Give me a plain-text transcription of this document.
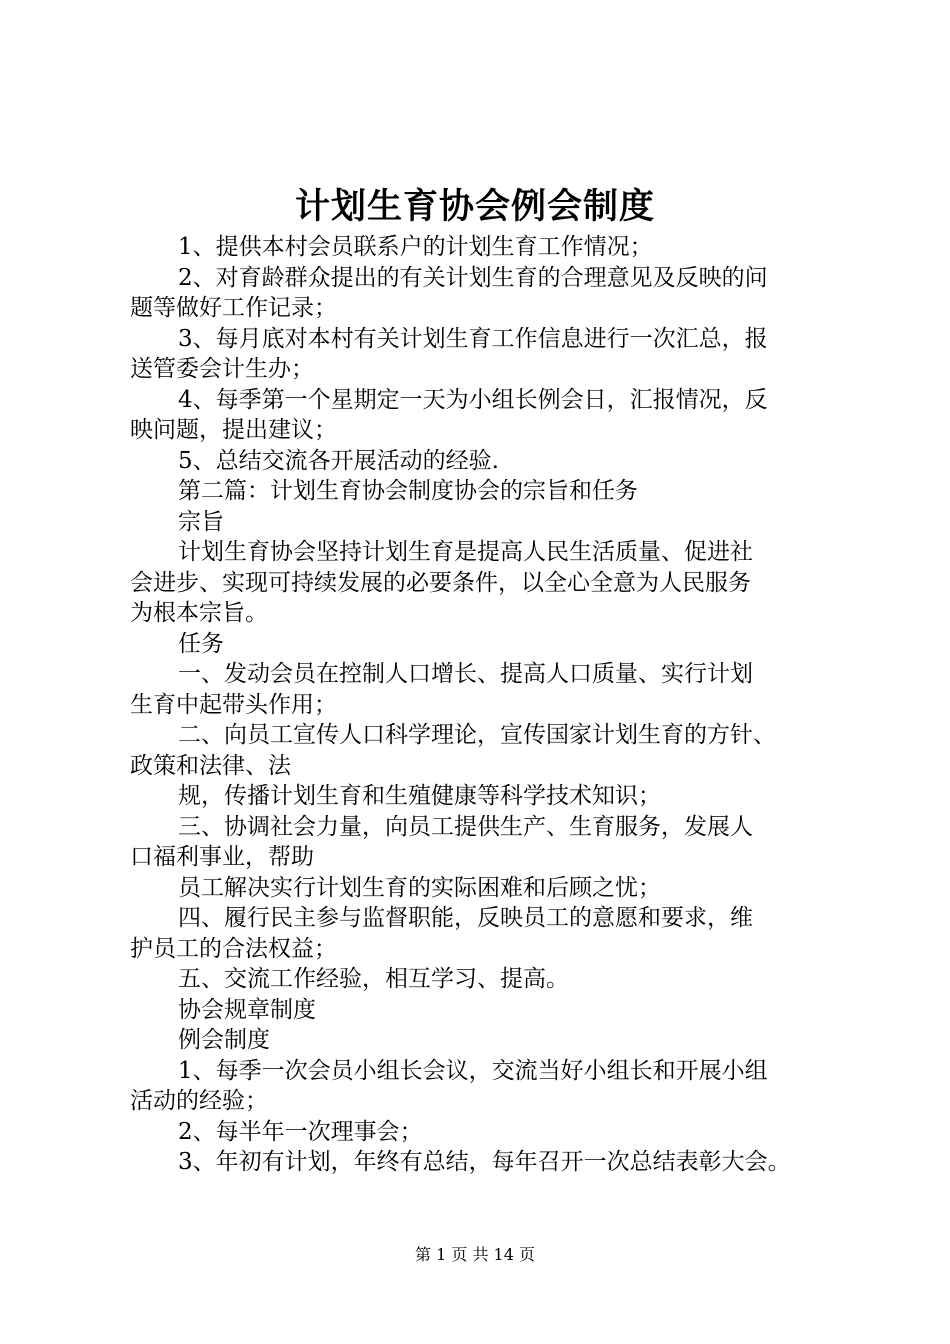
计划生育协会例会制度
1、提供本村会员联系户的计划生育工作情况；
2、对育龄群众提出的有关计划生育的合理意见及反映的问
题等做好工作记录；
3、每月底对本村有关计划生育工作信息进行一次汇总，报
送管委会计生办；
4、每季第一个星期定一天为小组长例会日，汇报情况，反
映问题，提出建议；
5、总结交流各开展活动的经验.
第二篇：计划生育协会制度协会的宗旨和任务
宗旨
计划生育协会坚持计划生育是提高人民生活质量、促进社
会进步、实现可持续发展的必要条件，以全心全意为人民服务
为根本宗旨。
任务
一、发动会员在控制人口增长、提高人口质量、实行计划
生育中起带头作用；
二、向员工宣传人口科学理论，宣传国家计划生育的方针、
政策和法律、法
规，传播计划生育和生殖健康等科学技术知识；
三、协调社会力量，向员工提供生产、生育服务，发展人
口福利事业，帮助
员工解决实行计划生育的实际困难和后顾之忧；
四、履行民主参与监督职能，反映员工的意愿和要求，维
护员工的合法权益；
五、交流工作经验，相互学习、提高。
协会规章制度
例会制度
1、每季一次会员小组长会议，交流当好小组长和开展小组
活动的经验；
2、每半年一次理事会；
3、年初有计划，年终有总结，每年召开一次总结表彰大会。
第 1 页 共 14 页
